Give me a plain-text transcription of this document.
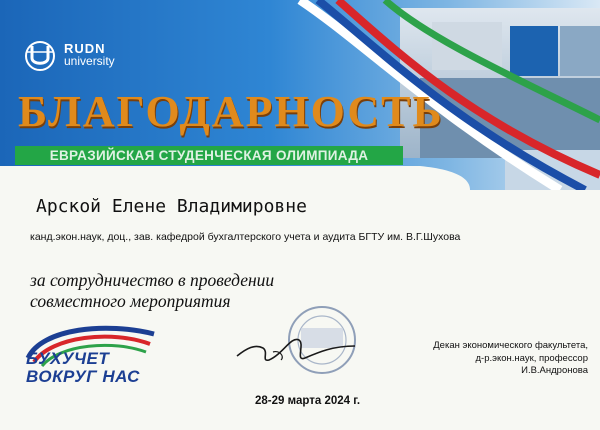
RUDN
university
БЛАГОДАРНОСТЬ
ЕВРАЗИЙСКАЯ СТУДЕНЧЕСКАЯ ОЛИМПИАДА
Арской Елене Владимировне
канд.экон.наук, доц., зав. кафедрой бухгалтерского учета и аудита БГТУ им. В.Г.Шухова
за сотрудничество в проведении
совместного мероприятия
БУХУЧЕТ
ВОКРУГ НАС
Декан экономического факультета,
д-р.экон.наук, профессор
И.В.Андронова
28-29 марта 2024 г.
